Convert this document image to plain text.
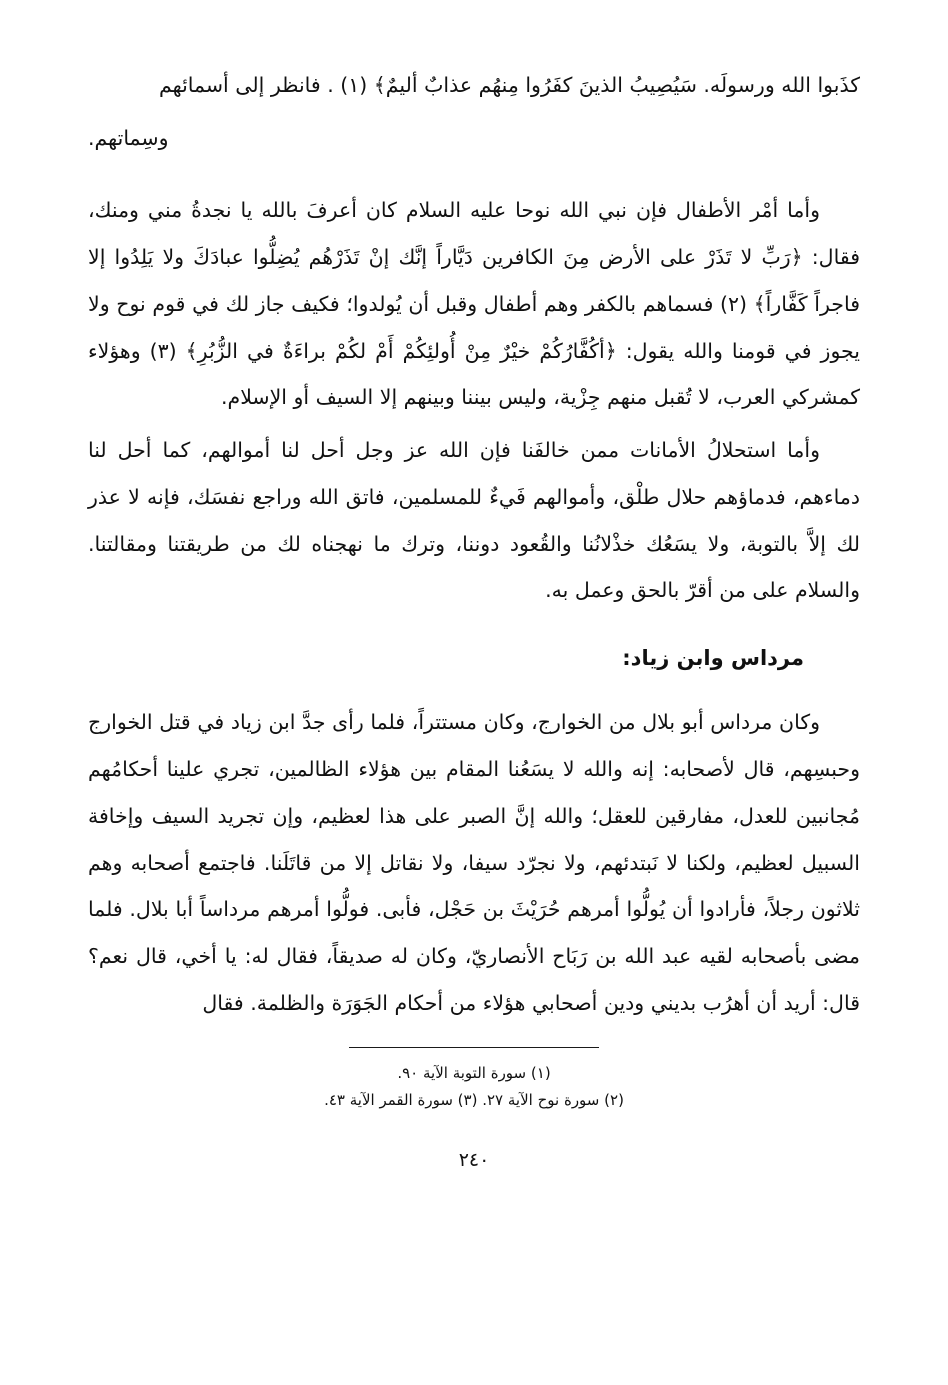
كذَبوا الله ورسولَه. سَيُصِيبُ الذينَ كفَرُوا مِنهُم عذابٌ أليمٌ﴾ (١) . فانظر إلى أسمائهم

وسِماتهم.

وأما أمْر الأطفال فإن نبي الله نوحا عليه السلام كان أعرفَ بالله يا نجدةُ مني ومنك، فقال: ﴿رَبِّ لا تَذَرْ على الأرض مِنَ الكافرين دَيَّاراً إنَّك إنْ تَذَرْهُم يُضِلُّوا عبادَكَ ولا يَلِدُوا إلا فاجراً كَفَّاراً﴾ (٢) فسماهم بالكفر وهم أطفال وقبل أن يُولدوا؛ فكيف جاز لك في قوم نوح ولا يجوز في قومنا والله يقول: ﴿أكُفَّارُكُمْ خيْرٌ مِنْ أُولئِكُمْ أَمْ لكُمْ براءَةٌ في الزُّبُرِ﴾ (٣) وهؤلاء كمشركي العرب، لا تُقبل منهم جِزْية، وليس بيننا وبينهم إلا السيف أو الإسلام.

وأما استحلالُ الأمانات ممن خالفَنا فإن الله عز وجل أحل لنا أموالهم، كما أحل لنا دماءهم، فدماؤهم حلال طلْق، وأموالهم فَيءٌ للمسلمين، فاتق الله وراجع نفسَك، فإنه لا عذر لك إلاَّ بالتوبة، ولا يسَعُك خذْلانُنا والقُعود دوننا، وترك ما نهجناه لك من طريقتنا ومقالتنا. والسلام على من أقرّ بالحق وعمل به.

مرداس وابن زياد:

وكان مرداس أبو بلال من الخوارج، وكان مستتراً، فلما رأى جدَّ ابن زياد في قتل الخوارج وحبسِهم، قال لأصحابه: إنه والله لا يسَعُنا المقام بين هؤلاء الظالمين، تجري علينا أحكامُهم مُجانبين للعدل، مفارقين للعقل؛ والله إنَّ الصبر على هذا لعظيم، وإن تجريد السيف وإخافة السبيل لعظيم، ولكنا لا نَبتدئهم، ولا نجرّد سيفا، ولا نقاتل إلا من قاتَلَنا. فاجتمع أصحابه وهم ثلاثون رجلاً، فأرادوا أن يُولُّوا أمرهم حُرَيْثَ بن حَجْل، فأبى. فولُّوا أمرهم مرداساً أبا بلال. فلما مضى بأصحابه لقيه عبد الله بن رَبَاح الأنصاريّ، وكان له صديقاً، فقال له: يا أخي، قال نعم؟ قال: أريد أن أهرُب بديني ودين أصحابي هؤلاء من أحكام الجَوَرَة والظلمة. فقال

(١) سورة التوبة الآية ٩٠.
(٢) سورة نوح الآية ٢٧. (٣) سورة القمر الآية ٤٣.
٢٤٠
